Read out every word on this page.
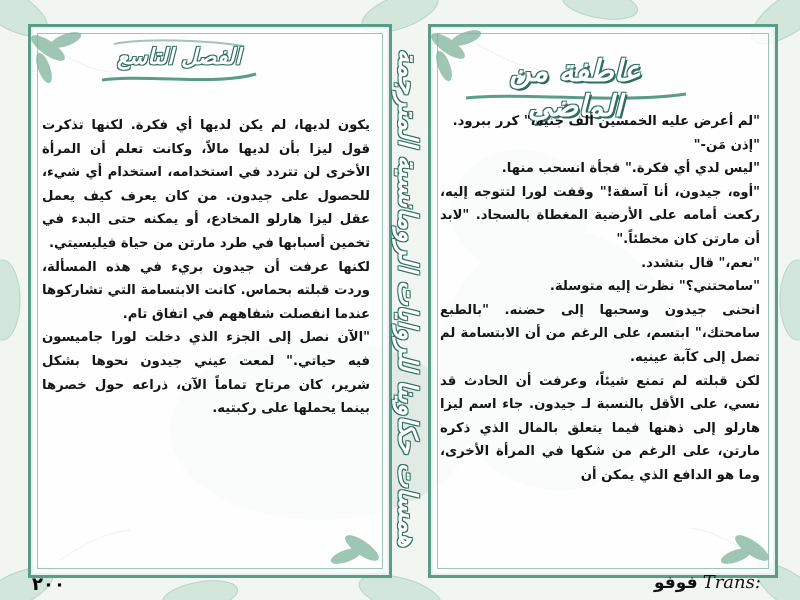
الفصل التاسع	عاطفة من الماضي

يكون لديها، لم يكن لديها أي فكرة. لكنها تذكرت قول ليزا بأن لديها مالاً، وكانت تعلم أن المرأة الأخرى لن تتردد في استخدامه، استخدام أي شيء، للحصول على جيدون. من كان يعرف كيف يعمل عقل ليزا هارلو المخادع، أو يمكنه حتى البدء في تخمين أسبابها في طرد مارتن من حياة فيليسيتي.

لكنها عرفت أن جيدون بريء في هذه المسألة، وردت قبلته بحماس. كانت الابتسامة التي تشاركوها عندما انفصلت شفاههم في اتفاق تام.

"الآن نصل إلى الجزء الذي دخلت لورا جاميسون فيه حياتي." لمعت عيني جيدون نحوها بشكل شرير، كان مرتاح تماماً الآن، ذراعه حول خصرها بينما يحملها على ركبتيه.

"لم أعرض عليه الخمسين ألف جنيه،" كرر ببرود.

"إذن مَن-"

"ليس لدي أي فكرة." فجأة انسحب منها.

"أوه، جيدون، أنا آسفة!" وقفت لورا لتتوجه إليه، ركعت أمامه على الأرضية المغطاة بالسجاد. "لابد أن مارتن كان مخطئاً."

"نعم،" قال بتشدد.

"سامحتني؟" نظرت إليه متوسلة.

انحنى جيدون وسحبها إلى حضنه. "بالطبع سامحتك،" ابتسم، على الرغم من أن الابتسامة لم تصل إلى كآبة عينيه.

لكن قبلته لم تمنع شيئاً، وعرفت أن الحادث قد نسي، على الأقل بالنسبة لـ جيدون. جاء اسم ليزا هارلو إلى ذهنها فيما يتعلق بالمال الذي ذكره مارتن، على الرغم من شكها في المرأة الأخرى، وما هو الدافع الذي يمكن أن

همسات حكاوينا للروايات الرومانسية المترجمة
٢٠٠	فوفو Trans:
